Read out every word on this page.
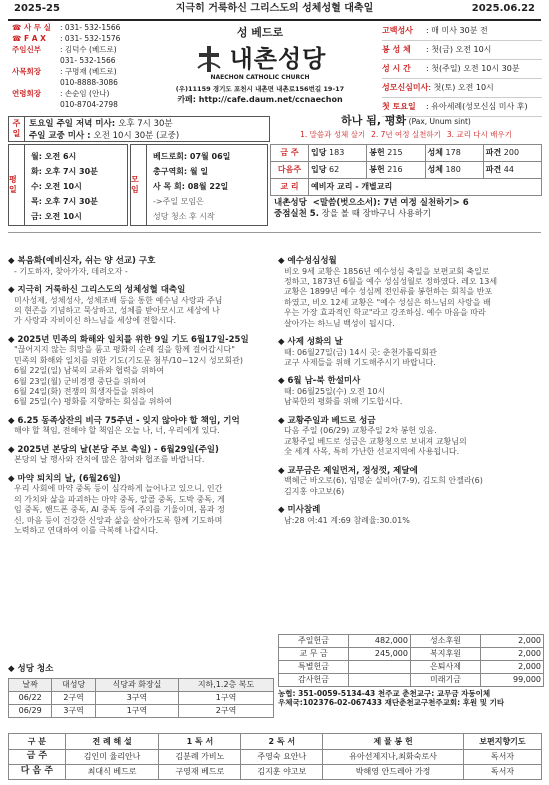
2025-25	지극히 거룩하신 그리스도의 성체성혈 대축일	2025.06.22
☎ 사 무 실 : 031- 532-1566
☎ F A X : 031- 532-1576
주임신부	: 김덕수 (베드로)
031- 532-1566
사목회장	: 구명재 (베드로)
010-8888-3086
연령회장	: 손순임 (안나)
010-8704-2798
성 베드로
내촌성당
NAECHON CATHOLIC CHURCH
(우)11159 경기도 포천시 내촌면 내촌로156번길 19-17
카페: http://cafe.daum.net/ccnaechon
고백성사 : 매 미사 30분 전
봉 성 체 : 첫(금) 오전 10시
성 시 간 : 첫(주일) 오전 10시 30분
성모신심미사: 첫(토) 오전 10시
첫 토요일 : 유아세례(성모신심 미사 후)
주일
토요일 주일 저녁 미사: 오후 7시 30분
주일 교중 미사 : 오전 10시 30분 (교중)
하나 됨, 평화 (Pax, Unum sint)
1. 말씀과 성체 살기 2. 7년 여정 실천하기 3. 교리 다시 배우기
평일
월: 오전 6시
화: 오후 7시 30분
수: 오전 10시
목: 오후 7시 30분
금: 오전 10시
모임
베드로회: 07월 06일
총구역회: 월 일
사 목 회: 08월 22일
->주일 모임은
성당 청소 후 시작
금 주	입당 183	봉헌 215	성체 178	파견 200
다음주	입당 62	봉헌 216	성체 180	파견 44
교 리	예비자 교리 - 개별교리			
내촌성당 <말씀(벗으소서): 7년 여정 실천하기> 6
중점실천 5. 장을 볼 때 장바구니 사용하기
◆ 복음화(예비신자, 쉬는 양 선교) 구호
- 기도하자, 찾아가자, 데려오자 -
◆ 지극히 거룩하신 그리스도의 성체성혈 대축일
미사성제, 성체성사, 성체조배 등을 통한 예수님 사랑과 주님
의 현존을 기념하고 묵상하고, 성체를 받아모시고 세상에 나
가 사랑과 자비이신 하느님을 세상에 전합시다.
◆ 2025년 민족의 화해와 일치를 위한 9일 기도 6월17일-25일
"끊어지지 않는 희망을 품고 평화의 순례 길을 함께 걸어갑시다"
민족의 화해와 일치를 위한 기도(기도문 첨부/10~12시 성모회관)
6월 22일(일) 남북의 교류와 협력을 위하여
6월 23일(월) 군비경쟁 중단을 위하여
6월 24일(화) 전쟁의 희생자들을 위하여
6월 25일(수) 평화를 지향하는 회심을 위하여
◆ 6.25 동족상잔의 비극 75주년 - 잊지 않아야 할 책임, 기억
해야 할 책임, 전해야 할 책임은 오늘 나, 너, 우리에게 있다.
◆ 2025년 본당의 날(본당 주보 축일) - 6월29일(주일)
본당의 날 행사와 잔치에 많은 참여와 협조를 바랍니다.
◆ 마약 퇴치의 날, (6월26일)
우리 사회에 마약 중독 등이 심각하게 늘어나고 있으니, 인간
의 가치와 삶을 파괴하는 마약 중독, 알콜 중독, 도박 중독, 게
임 중독, 핸드폰 중독, AI 중독 등에 주의를 기울이며, 몸과 정
신, 마음 등이 건강한 신앙과 삶을 살아가도록 함께 기도하며
노력하고 연대하여 이를 극복해 나갑시다.
◆ 예수성심성월
비오 9세 교황은 1856년 예수성심 축일을 보편교회 축일로
정하고, 1873년 6월을 예수 성심성월로 정하였다. 레오 13세
교황은 1899년 예수 성심께 전인류를 봉헌하는 회칙을 반포
하였고, 비오 12세 교황은 "예수 성심은 하느님의 사랑을 배
우는 가장 효과적인 학교"라고 강조하심. 예수 마음을 따라
살아가는 하느님 백성이 됩시다.
◆ 사제 성화의 날
때: 06월27일(금) 14시 곳: 춘천가톨릭회관
교구 사제들을 위해 기도해주시기 바랍니다.
◆ 6월 남-북 한설미사
때: 06월25일(수) 오전 10시
남북한의 평화를 위해 기도합시다.
◆ 교황주일과 베드로 성금
다음 주일 (06/29) 교황주일 2차 봉헌 있음.
교황주일 베드로 성금은 교황청으로 보내져 교황님의
全 세계 사목, 특히 가난한 선교지역에 사용됩니다.
◆ 교무금은 제일먼저, 정성껏, 제달에
백혜근 바오로(6), 임명순 실비아(7-9), 김도희 안젤라(6)
김지홍 야고보(6)
◆ 미사참례
남:28 여:41 계:69 참례율:30.01%
주일헌금	482,000	성소후원	2,000
교 무 금	245,000	복지후원	2,000
특별헌금		은퇴사제	2,000
감사헌금		미래기금	99,000
농협: 351-0059-5134-43 천주교 춘천교구: 교무금 자동이체
우체국:102376-02-067433 재단춘천교구천주교회: 후원 및 기타
◆ 성당 청소
날짜	대성당	식당과 화장실	지하,1.2층 복도
06/22	2구역	3구역	1구역
06/29	3구역	1구역	2구역
구 분	전 례 해 설	1 독 서	2 독 서	제 물 봉 헌	보편지향기도
금 주	김인미 율리안나	김분례 가비노	주영숙 요안나	유아선제지나,최화숙로사	독서자
다 음 주	최대식 베드로	구영재 베드로	김지훈 야고보	박해영 안드레아 가정	독서자
